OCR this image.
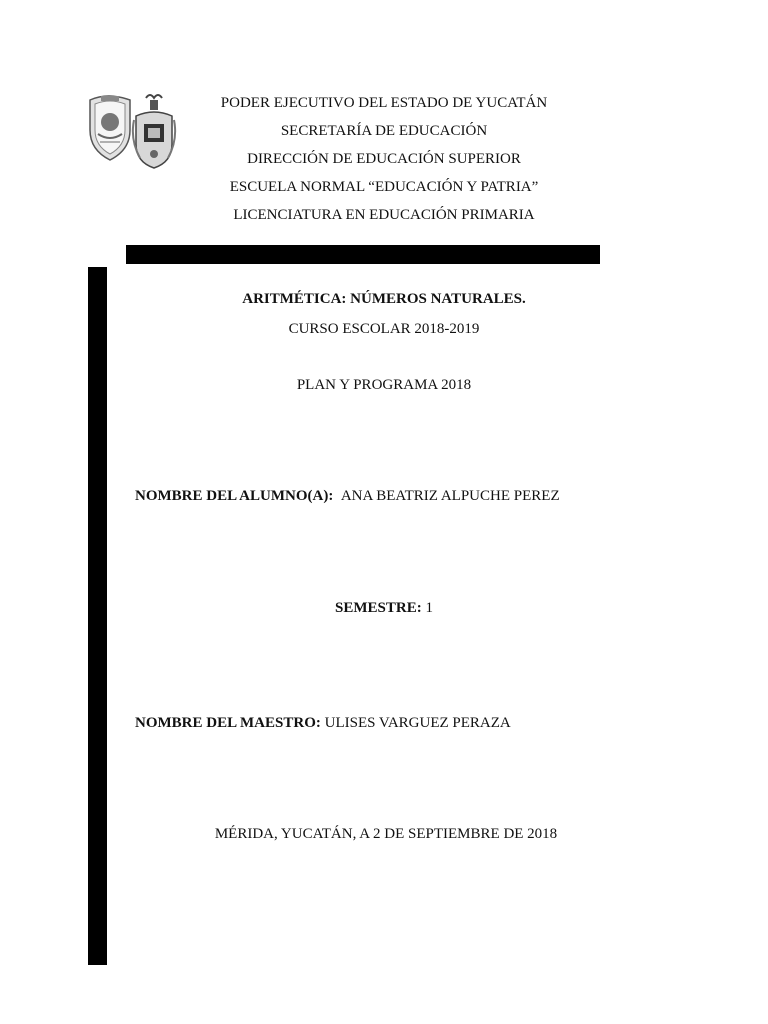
PODER EJECUTIVO DEL ESTADO DE YUCATÁN
SECRETARÍA DE EDUCACIÓN
DIRECCIÓN DE EDUCACIÓN SUPERIOR
ESCUELA NORMAL “EDUCACIÓN Y PATRIA”
LICENCIATURA EN EDUCACIÓN PRIMARIA
ARITMÉTICA: NÚMEROS NATURALES.
CURSO ESCOLAR 2018-2019
PLAN Y PROGRAMA 2018
NOMBRE DEL ALUMNO(A): ANA BEATRIZ ALPUCHE PEREZ
SEMESTRE: 1
NOMBRE DEL MAESTRO: ULISES VARGUEZ PERAZA
MÉRIDA, YUCATÁN, A 2 DE SEPTIEMBRE DE 2018
